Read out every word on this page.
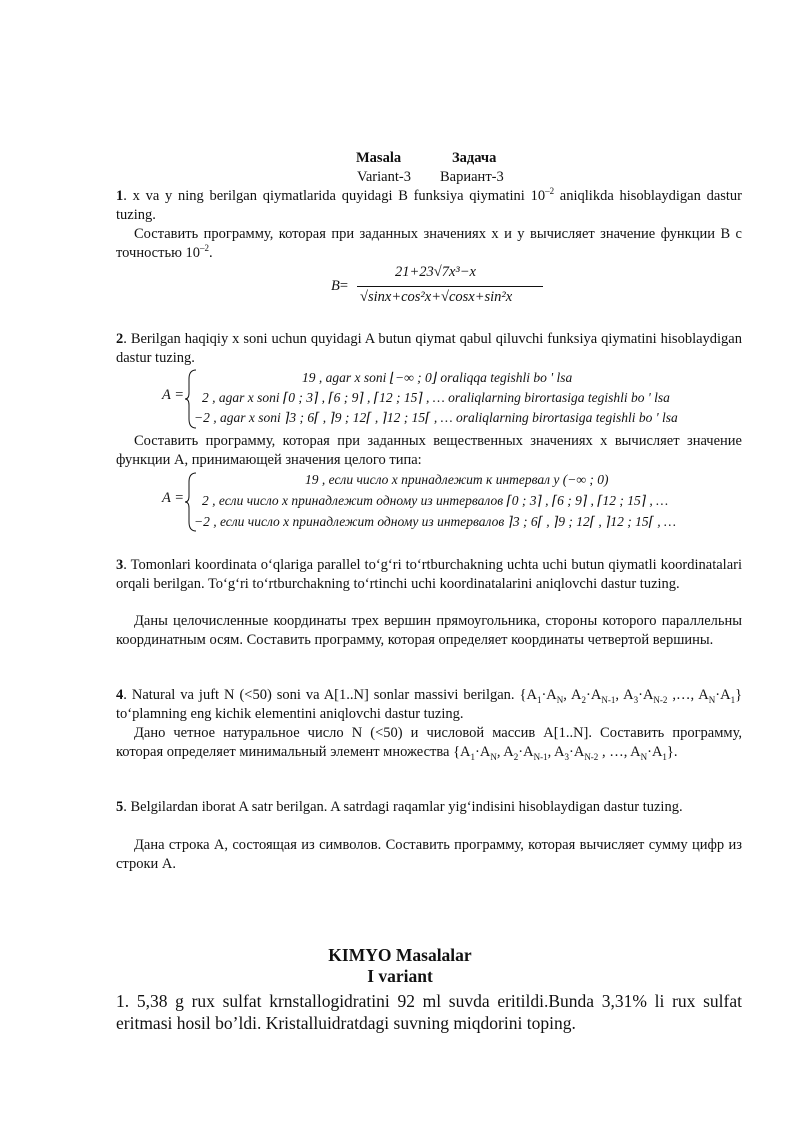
Masala	Задача
Variant-3 Вариант-3

1. x va y ning berilgan qiymatlarida quyidagi B funksiya qiymatini $10^{-2}$ aniqlikda hisoblaydigan dastur tuzing.

Составить программу, которая при заданных значениях x и y вычисляет значение функции B с точностью $10^{-2}$.

B=
21+23√7x³−x
√sinx+cos²x+√cosx+sin²x

2. Berilgan haqiqiy x soni uchun quyidagi A butun qiymat qabul qiluvchi funksiya qiymatini hisoblaydigan dastur tuzing.

A =
19 , agar x soni ⌊−∞ ; 0⌋ oraliqqa tegishli bo ' lsa
2 , agar x soni ⌈0 ; 3⌉ , ⌈6 ; 9⌉ , ⌈12 ; 15⌉ , … oraliqlarning birortasiga tegishli bo ' lsa
−2 , agar x soni ⌉3 ; 6⌈ , ⌉9 ; 12⌈ , ⌉12 ; 15⌈ , … oraliqlarning birortasiga tegishli bo ' lsa

Составить программу, которая при заданных вещественных значениях x вычисляет значение функции A, принимающей значения целого типа:

A =
19 , если число x принадлежит к интервал y (−∞ ; 0)
2 , если число x принадлежит одному из интервалов ⌈0 ; 3⌉ , ⌈6 ; 9⌉ , ⌈12 ; 15⌉ , …
−2 , если число x принадлежит одному из интервалов ⌉3 ; 6⌈ , ⌉9 ; 12⌈ , ⌉12 ; 15⌈ , …

3. Tomonlari koordinata o‘qlariga parallel to‘g‘ri to‘rtburchakning uchta uchi butun qiymatli koordinatalari orqali berilgan. To‘g‘ri to‘rtburchakning to‘rtinchi uchi koordinatalarini aniqlovchi dastur tuzing.

Даны целочисленные координаты трех вершин прямоугольника, стороны которого параллельны координатным осям. Составить программу, которая определяет координаты четвертой вершины.

4. Natural va juft N (<50) soni va A[1..N] sonlar massivi berilgan. {$A_1\cdot A_N$, $A_2\cdot A_{N-1}$, $A_3\cdot A_{N-2}$ ,…, $A_N\cdot A_1$} to‘plamning eng kichik elementini aniqlovchi dastur tuzing.

Дано четное натуральное число N (<50) и числовой массив A[1..N]. Составить программу, которая определяет минимальный элемент множества {$A_1\cdot A_N$, $A_2\cdot A_{N-1}$, $A_3\cdot A_{N-2}$ , …, $A_N\cdot A_1$}.

5. Belgilardan iborat A satr berilgan. A satrdagi raqamlar yig‘indisini hisoblaydigan dastur tuzing.

Дана строка A, состоящая из символов. Составить программу, которая вычисляет сумму цифр из строки A.

KIMYO Masalalar
I variant

1. 5,38 g rux sulfat krnstallogidratini 92 ml suvda eritildi.Bunda 3,31% li rux sulfat eritmasi hosil bo’ldi. Kristalluidratdagi suvning miqdorini toping.
